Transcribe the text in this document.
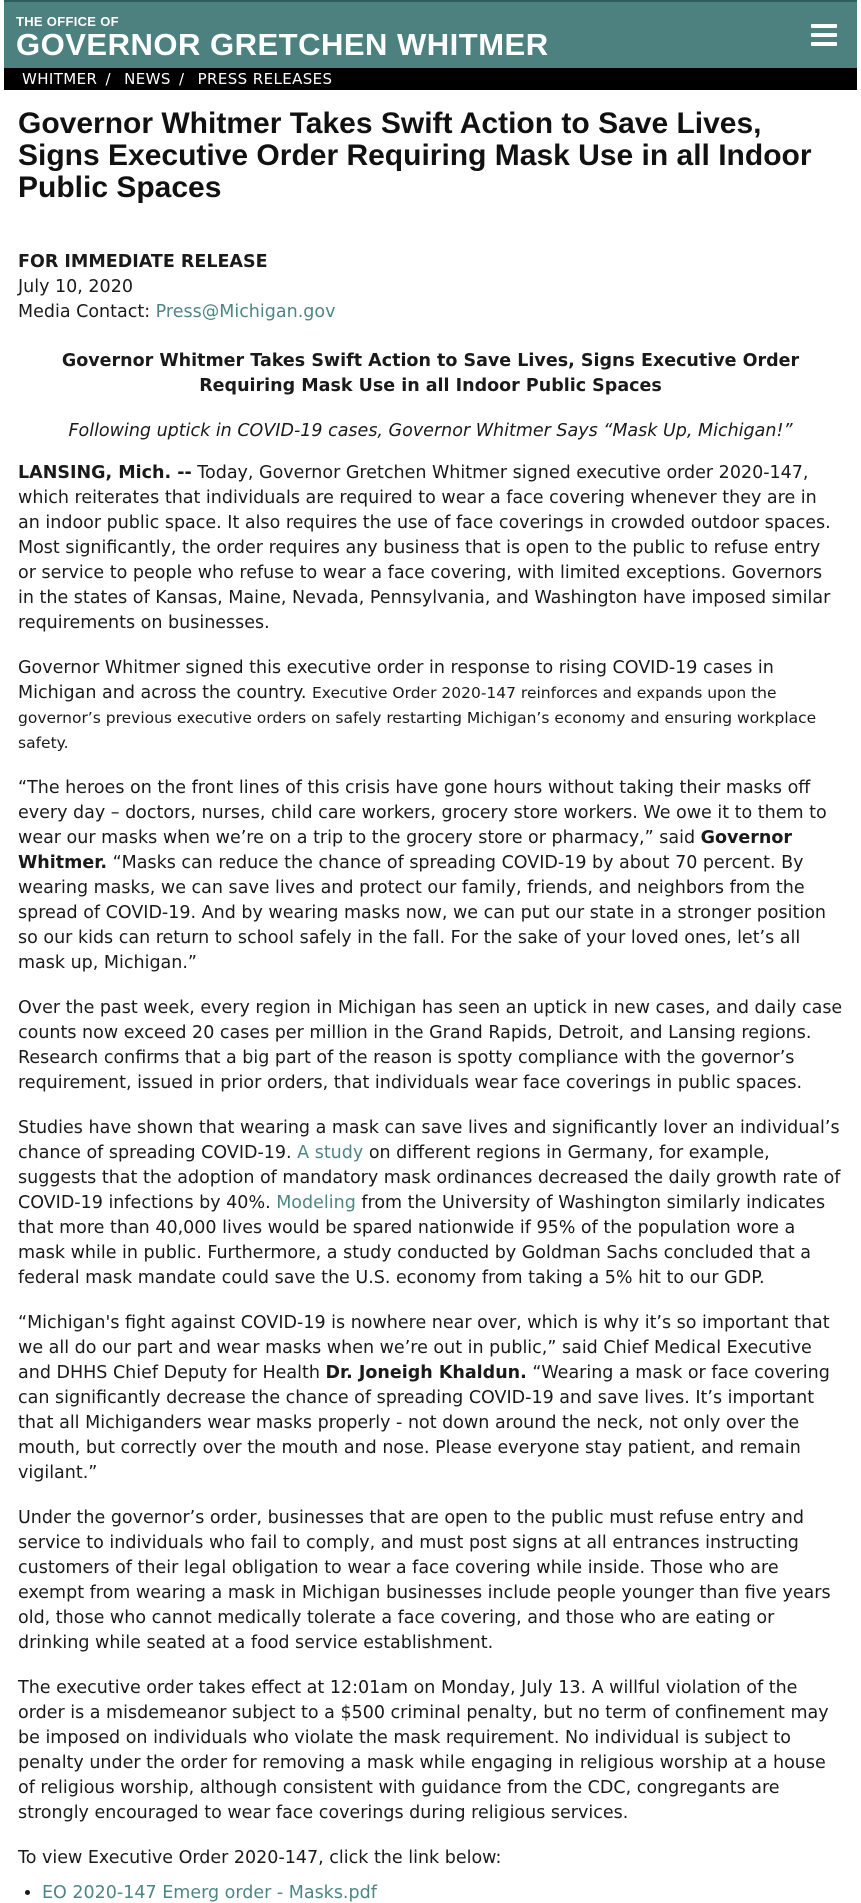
THE OFFICE OF
GOVERNOR GRETCHEN WHITMER
WHITMER / NEWS / PRESS RELEASES
Governor Whitmer Takes Swift Action to Save Lives, Signs Executive Order Requiring Mask Use in all Indoor Public Spaces
FOR IMMEDIATE RELEASE
July 10, 2020
Media Contact: Press@Michigan.gov
Governor Whitmer Takes Swift Action to Save Lives, Signs Executive Order Requiring Mask Use in all Indoor Public Spaces
Following uptick in COVID-19 cases, Governor Whitmer Says “Mask Up, Michigan!”

LANSING, Mich. -- Today, Governor Gretchen Whitmer signed executive order 2020-147, which reiterates that individuals are required to wear a face covering whenever they are in an indoor public space. It also requires the use of face coverings in crowded outdoor spaces. Most significantly, the order requires any business that is open to the public to refuse entry or service to people who refuse to wear a face covering, with limited exceptions. Governors in the states of Kansas, Maine, Nevada, Pennsylvania, and Washington have imposed similar requirements on businesses.

Governor Whitmer signed this executive order in response to rising COVID-19 cases in Michigan and across the country. Executive Order 2020-147 reinforces and expands upon the governor’s previous executive orders on safely restarting Michigan’s economy and ensuring workplace safety.

“The heroes on the front lines of this crisis have gone hours without taking their masks off every day – doctors, nurses, child care workers, grocery store workers. We owe it to them to wear our masks when we’re on a trip to the grocery store or pharmacy,” said Governor Whitmer. “Masks can reduce the chance of spreading COVID-19 by about 70 percent. By wearing masks, we can save lives and protect our family, friends, and neighbors from the spread of COVID-19. And by wearing masks now, we can put our state in a stronger position so our kids can return to school safely in the fall. For the sake of your loved ones, let’s all mask up, Michigan.”

Over the past week, every region in Michigan has seen an uptick in new cases, and daily case counts now exceed 20 cases per million in the Grand Rapids, Detroit, and Lansing regions. Research confirms that a big part of the reason is spotty compliance with the governor’s requirement, issued in prior orders, that individuals wear face coverings in public spaces.

Studies have shown that wearing a mask can save lives and significantly lover an individual’s chance of spreading COVID-19. A study on different regions in Germany, for example, suggests that the adoption of mandatory mask ordinances decreased the daily growth rate of COVID-19 infections by 40%. Modeling from the University of Washington similarly indicates that more than 40,000 lives would be spared nationwide if 95% of the population wore a mask while in public. Furthermore, a study conducted by Goldman Sachs concluded that a federal mask mandate could save the U.S. economy from taking a 5% hit to our GDP.

“Michigan's fight against COVID-19 is nowhere near over, which is why it’s so important that we all do our part and wear masks when we’re out in public,” said Chief Medical Executive and DHHS Chief Deputy for Health Dr. Joneigh Khaldun. “Wearing a mask or face covering can significantly decrease the chance of spreading COVID-19 and save lives. It’s important that all Michiganders wear masks properly - not down around the neck, not only over the mouth, but correctly over the mouth and nose. Please everyone stay patient, and remain vigilant.”

Under the governor’s order, businesses that are open to the public must refuse entry and service to individuals who fail to comply, and must post signs at all entrances instructing customers of their legal obligation to wear a face covering while inside. Those who are exempt from wearing a mask in Michigan businesses include people younger than five years old, those who cannot medically tolerate a face covering, and those who are eating or drinking while seated at a food service establishment.

The executive order takes effect at 12:01am on Monday, July 13. A willful violation of the order is a misdemeanor subject to a $500 criminal penalty, but no term of confinement may be imposed on individuals who violate the mask requirement. No individual is subject to penalty under the order for removing a mask while engaging in religious worship at a house of religious worship, although consistent with guidance from the CDC, congregants are strongly encouraged to wear face coverings during religious services.

To view Executive Order 2020-147, click the link below:

• EO 2020-147 Emerg order - Masks.pdf
